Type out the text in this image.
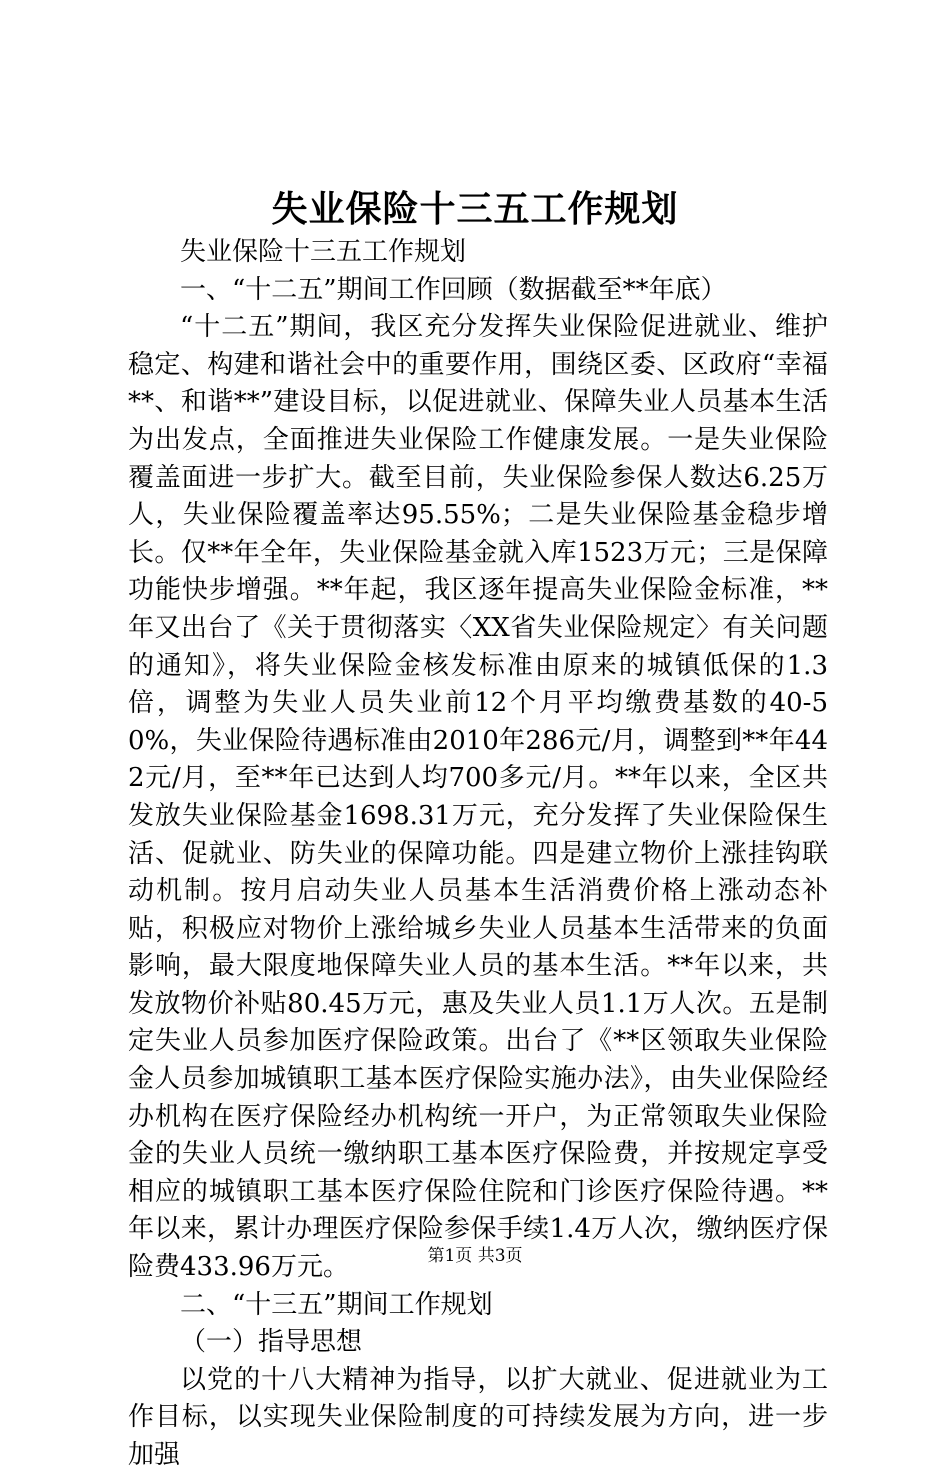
失业保险十三五工作规划

失业保险十三五工作规划

一、“十二五”期间工作回顾（数据截至**年底）

“十二五”期间，我区充分发挥失业保险促进就业、维护稳定、构建和谐社会中的重要作用，围绕区委、区政府“幸福**、和谐**”建设目标，以促进就业、保障失业人员基本生活为出发点，全面推进失业保险工作健康发展。一是失业保险覆盖面进一步扩大。截至目前，失业保险参保人数达6.25万人，失业保险覆盖率达95.55%；二是失业保险基金稳步增长。仅**年全年，失业保险基金就入库1523万元；三是保障功能快步增强。**年起，我区逐年提高失业保险金标准，**年又出台了《关于贯彻落实〈XX省失业保险规定〉有关问题的通知》，将失业保险金核发标准由原来的城镇低保的1.3倍，调整为失业人员失业前12个月平均缴费基数的40-50%，失业保险待遇标准由2010年286元/月，调整到**年442元/月，至**年已达到人均700多元/月。**年以来，全区共发放失业保险基金1698.31万元，充分发挥了失业保险保生活、促就业、防失业的保障功能。四是建立物价上涨挂钩联动机制。按月启动失业人员基本生活消费价格上涨动态补贴，积极应对物价上涨给城乡失业人员基本生活带来的负面影响，最大限度地保障失业人员的基本生活。**年以来，共发放物价补贴80.45万元，惠及失业人员1.1万人次。五是制定失业人员参加医疗保险政策。出台了《**区领取失业保险金人员参加城镇职工基本医疗保险实施办法》，由失业保险经办机构在医疗保险经办机构统一开户，为正常领取失业保险金的失业人员统一缴纳职工基本医疗保险费，并按规定享受相应的城镇职工基本医疗保险住院和门诊医疗保险待遇。**年以来，累计办理医疗保险参保手续1.4万人次，缴纳医疗保险费433.96万元。

二、“十三五”期间工作规划

（一）指导思想

以党的十八大精神为指导，以扩大就业、促进就业为工作目标，以实现失业保险制度的可持续发展为方向，进一步加强

第1页 共3页
